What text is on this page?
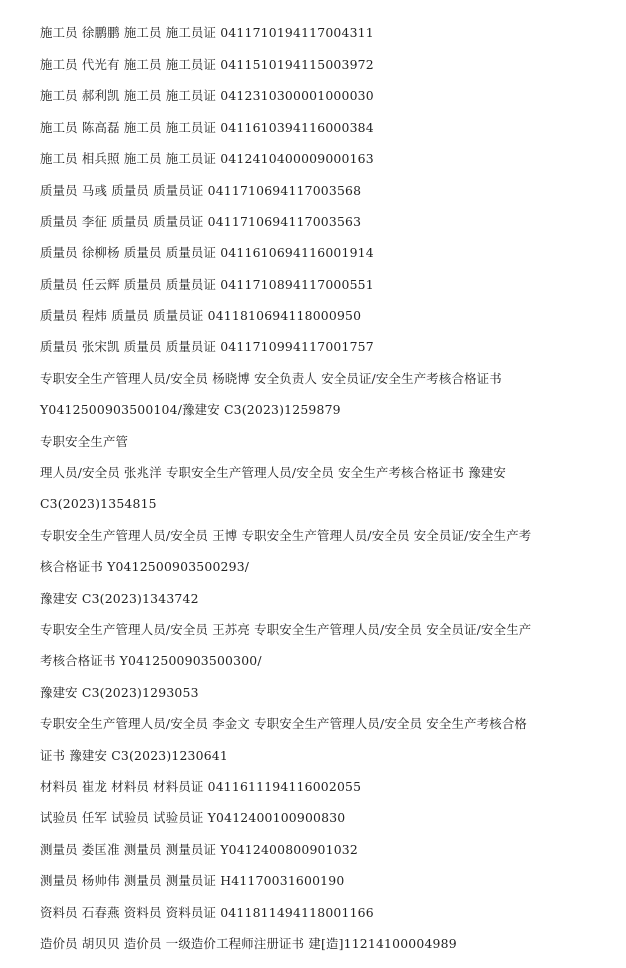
施工员 徐鹏鹏 施工员 施工员证 0411710194117004311
施工员 代光有 施工员 施工员证 0411510194115003972
施工员 郝利凯 施工员 施工员证 0412310300001000030
施工员 陈高磊 施工员 施工员证 0411610394116000384
施工员 相兵照 施工员 施工员证 0412410400009000163
质量员 马彧 质量员 质量员证 0411710694117003568
质量员 李征 质量员 质量员证 0411710694117003563
质量员 徐柳杨 质量员 质量员证 0411610694116001914
质量员 任云辉 质量员 质量员证 0411710894117000551
质量员 程炜 质量员 质量员证 0411810694118000950
质量员 张宋凯 质量员 质量员证 0411710994117001757
专职安全生产管理人员/安全员 杨晓博 安全负责人 安全员证/安全生产考核合格证书
Y0412500903500104/豫建安 C3(2023)1259879
专职安全生产管
理人员/安全员 张兆洋 专职安全生产管理人员/安全员 安全生产考核合格证书 豫建安
C3(2023)1354815
专职安全生产管理人员/安全员 王博 专职安全生产管理人员/安全员 安全员证/安全生产考
核合格证书 Y0412500903500293/
豫建安 C3(2023)1343742
专职安全生产管理人员/安全员 王苏亮 专职安全生产管理人员/安全员 安全员证/安全生产
考核合格证书 Y0412500903500300/
豫建安 C3(2023)1293053
专职安全生产管理人员/安全员 李金文 专职安全生产管理人员/安全员 安全生产考核合格
证书 豫建安 C3(2023)1230641
材料员 崔龙 材料员 材料员证 0411611194116002055
试验员 任军 试验员 试验员证 Y0412400100900830
测量员 娄匡准 测量员 测量员证 Y0412400800901032
测量员 杨帅伟 测量员 测量员证 H41170031600190
资料员 石春燕 资料员 资料员证 0411811494118001166
造价员 胡贝贝 造价员 一级造价工程师注册证书 建[造]11214100004989
